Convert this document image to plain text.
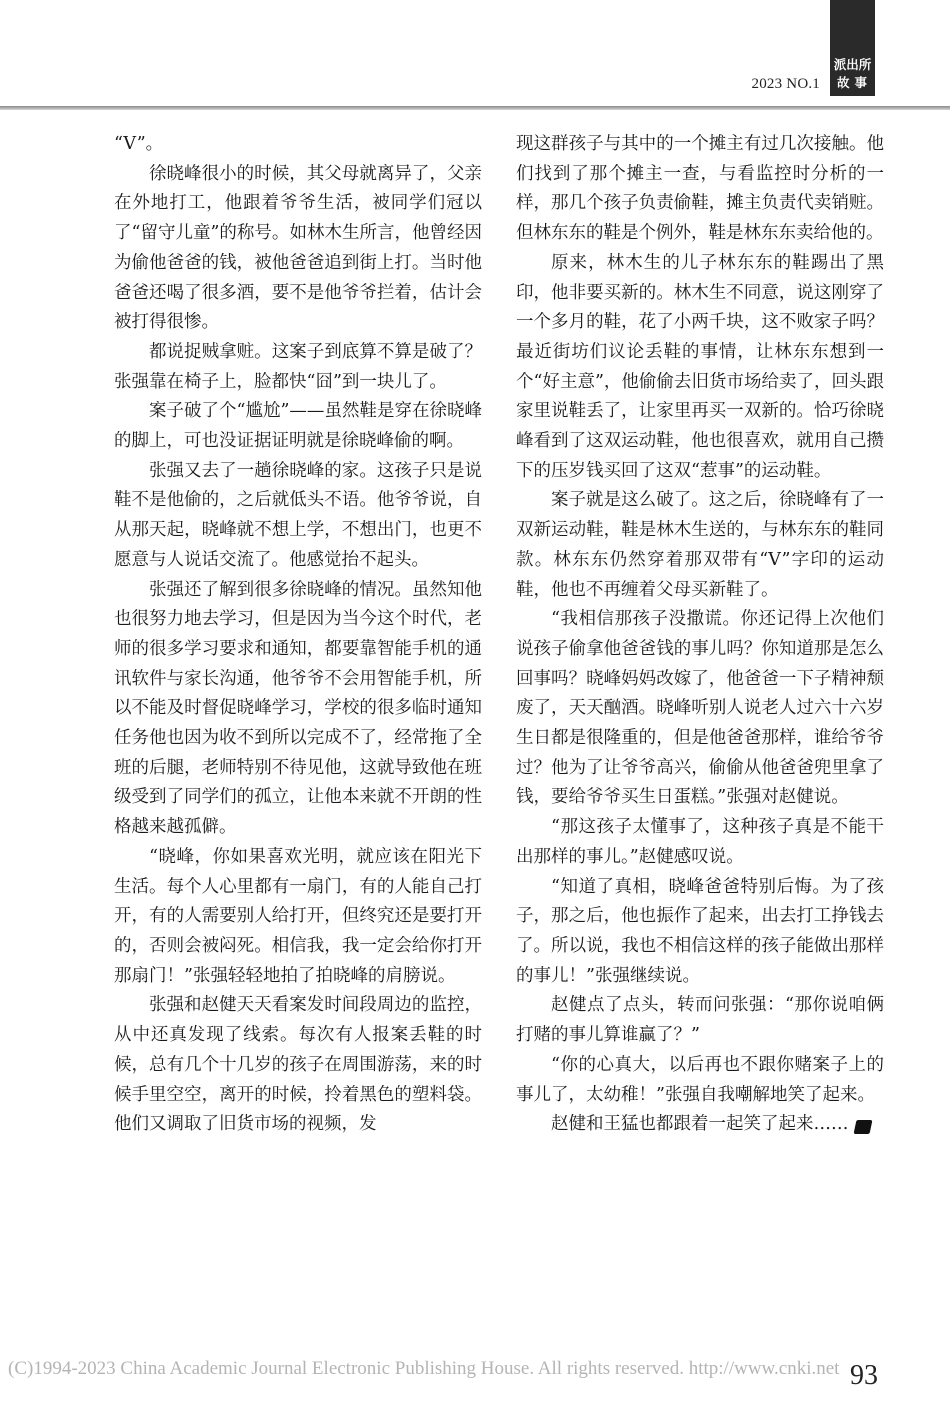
2023 NO.1
派出所
故事

“V”。

徐晓峰很小的时候，其父母就离异了，父亲在外地打工，他跟着爷爷生活，被同学们冠以了“留守儿童”的称号。如林木生所言，他曾经因为偷他爸爸的钱，被他爸爸追到街上打。当时他爸爸还喝了很多酒，要不是他爷爷拦着，估计会被打得很惨。

都说捉贼拿赃。这案子到底算不算是破了？张强靠在椅子上，脸都快“囧”到一块儿了。

案子破了个“尴尬”——虽然鞋是穿在徐晓峰的脚上，可也没证据证明就是徐晓峰偷的啊。

张强又去了一趟徐晓峰的家。这孩子只是说鞋不是他偷的，之后就低头不语。他爷爷说，自从那天起，晓峰就不想上学，不想出门，也更不愿意与人说话交流了。他感觉抬不起头。

张强还了解到很多徐晓峰的情况。虽然知他也很努力地去学习，但是因为当今这个时代，老师的很多学习要求和通知，都要靠智能手机的通讯软件与家长沟通，他爷爷不会用智能手机，所以不能及时督促晓峰学习，学校的很多临时通知任务他也因为收不到所以完成不了，经常拖了全班的后腿，老师特别不待见他，这就导致他在班级受到了同学们的孤立，让他本来就不开朗的性格越来越孤僻。

“晓峰，你如果喜欢光明，就应该在阳光下生活。每个人心里都有一扇门，有的人能自己打开，有的人需要别人给打开，但终究还是要打开的，否则会被闷死。相信我，我一定会给你打开那扇门！”张强轻轻地拍了拍晓峰的肩膀说。

张强和赵健天天看案发时间段周边的监控，从中还真发现了线索。每次有人报案丢鞋的时候，总有几个十几岁的孩子在周围游荡，来的时候手里空空，离开的时候，拎着黑色的塑料袋。他们又调取了旧货市场的视频，发

现这群孩子与其中的一个摊主有过几次接触。他们找到了那个摊主一查，与看监控时分析的一样，那几个孩子负责偷鞋，摊主负责代卖销赃。但林东东的鞋是个例外，鞋是林东东卖给他的。

原来，林木生的儿子林东东的鞋踢出了黑印，他非要买新的。林木生不同意，说这刚穿了一个多月的鞋，花了小两千块，这不败家子吗？最近街坊们议论丢鞋的事情，让林东东想到一个“好主意”，他偷偷去旧货市场给卖了，回头跟家里说鞋丢了，让家里再买一双新的。恰巧徐晓峰看到了这双运动鞋，他也很喜欢，就用自己攒下的压岁钱买回了这双“惹事”的运动鞋。

案子就是这么破了。这之后，徐晓峰有了一双新运动鞋，鞋是林木生送的，与林东东的鞋同款。林东东仍然穿着那双带有“V”字印的运动鞋，他也不再缠着父母买新鞋了。

“我相信那孩子没撒谎。你还记得上次他们说孩子偷拿他爸爸钱的事儿吗？你知道那是怎么回事吗？晓峰妈妈改嫁了，他爸爸一下子精神颓废了，天天酗酒。晓峰听别人说老人过六十六岁生日都是很隆重的，但是他爸爸那样，谁给爷爷过？他为了让爷爷高兴，偷偷从他爸爸兜里拿了钱，要给爷爷买生日蛋糕。”张强对赵健说。

“那这孩子太懂事了，这种孩子真是不能干出那样的事儿。”赵健感叹说。

“知道了真相，晓峰爸爸特别后悔。为了孩子，那之后，他也振作了起来，出去打工挣钱去了。所以说，我也不相信这样的孩子能做出那样的事儿！”张强继续说。

赵健点了点头，转而问张强：“那你说咱俩打赌的事儿算谁赢了？”

“你的心真大，以后再也不跟你赌案子上的事儿了，太幼稚！”张强自我嘲解地笑了起来。

赵健和王猛也都跟着一起笑了起来……	P

(C)1994-2023 China Academic Journal Electronic Publishing House. All rights reserved. http://www.cnki.net 93
